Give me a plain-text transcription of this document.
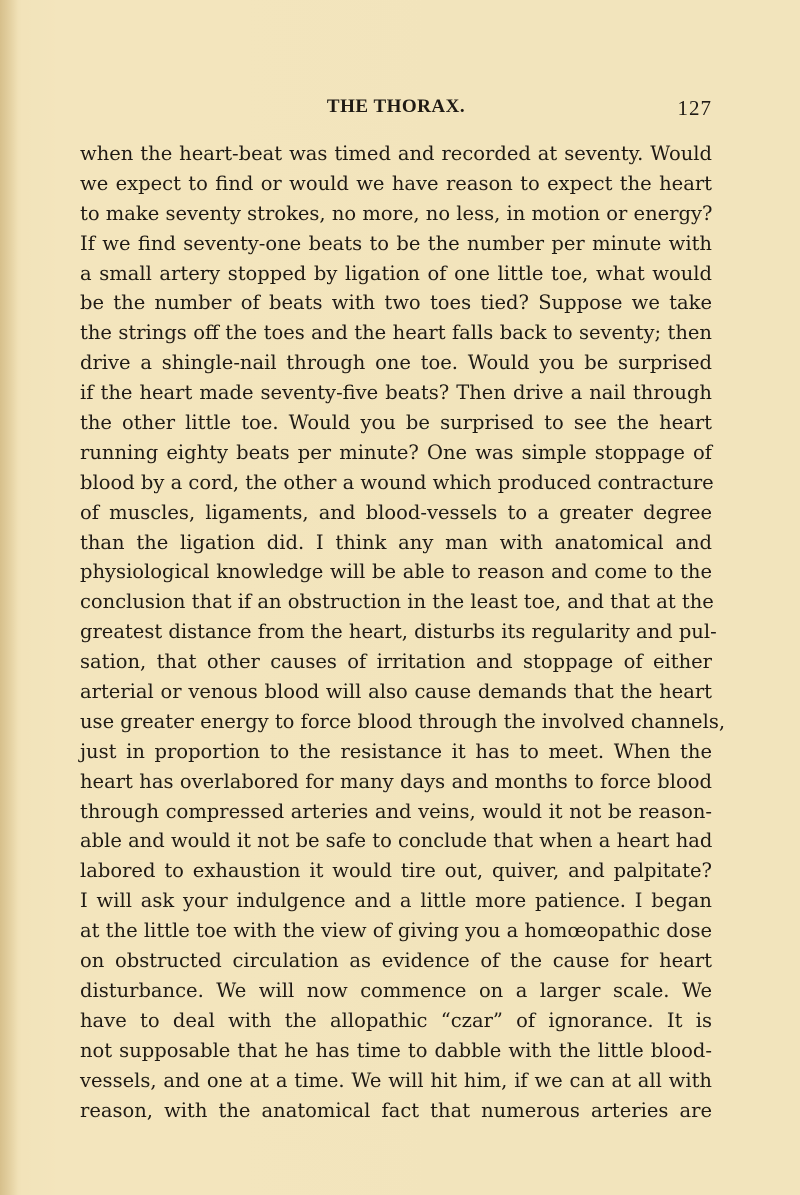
THE THORAX.	127
when the heart-beat was timed and recorded at seventy. Would
we expect to find or would we have reason to expect the heart
to make seventy strokes, no more, no less, in motion or energy?
If we find seventy-one beats to be the number per minute with
a small artery stopped by ligation of one little toe, what would
be the number of beats with two toes tied? Suppose we take
the strings off the toes and the heart falls back to seventy; then
drive a shingle-nail through one toe. Would you be surprised
if the heart made seventy-five beats? Then drive a nail through
the other little toe. Would you be surprised to see the heart
running eighty beats per minute? One was simple stoppage of
blood by a cord, the other a wound which produced contracture
of muscles, ligaments, and blood-vessels to a greater degree
than the ligation did. I think any man with anatomical and
physiological knowledge will be able to reason and come to the
conclusion that if an obstruction in the least toe, and that at the
greatest distance from the heart, disturbs its regularity and pul-
sation, that other causes of irritation and stoppage of either
arterial or venous blood will also cause demands that the heart
use greater energy to force blood through the involved channels,
just in proportion to the resistance it has to meet. When the
heart has overlabored for many days and months to force blood
through compressed arteries and veins, would it not be reason-
able and would it not be safe to conclude that when a heart had
labored to exhaustion it would tire out, quiver, and palpitate?
I will ask your indulgence and a little more patience. I began
at the little toe with the view of giving you a homœopathic dose
on obstructed circulation as evidence of the cause for heart
disturbance. We will now commence on a larger scale. We
have to deal with the allopathic “czar” of ignorance. It is
not supposable that he has time to dabble with the little blood-
vessels, and one at a time. We will hit him, if we can at all with
reason, with the anatomical fact that numerous arteries are
